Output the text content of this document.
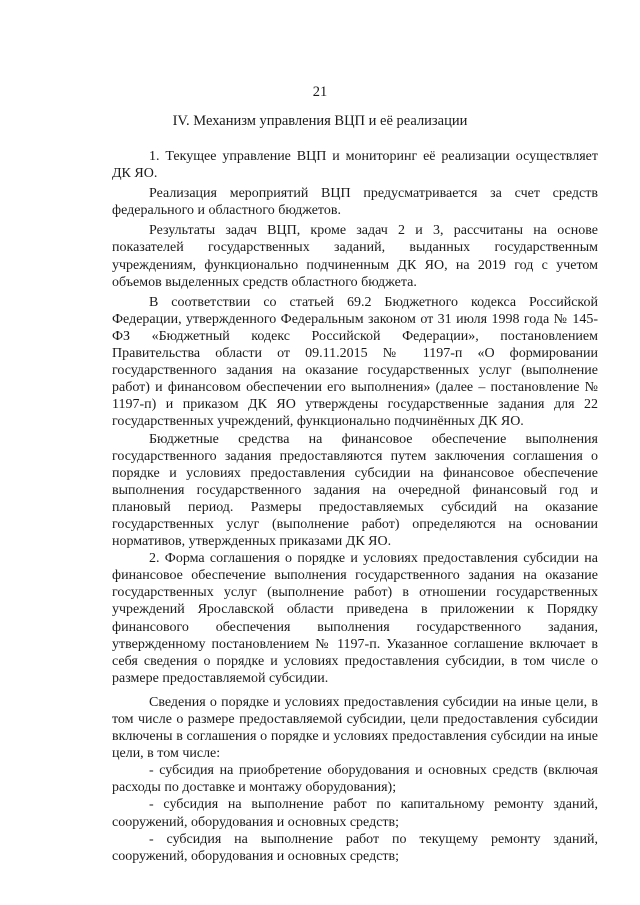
21
IV. Механизм управления ВЦП и её реализации

1. Текущее управление ВЦП и мониторинг её реализации осуществляет ДК ЯО.

Реализация мероприятий ВЦП предусматривается за счет средств федерального и областного бюджетов.

Результаты задач ВЦП, кроме задач 2 и 3, рассчитаны на основе показателей государственных заданий, выданных государственным учреждениям, функционально подчиненным ДК ЯО, на 2019 год с учетом объемов выделенных средств областного бюджета.

В соответствии со статьей 69.2 Бюджетного кодекса Российской Федерации, утвержденного Федеральным законом от 31 июля 1998 года № 145-ФЗ «Бюджетный кодекс Российской Федерации», постановлением Правительства области от 09.11.2015 № 1197-п «О формировании государственного задания на оказание государственных услуг (выполнение работ) и финансовом обеспечении его выполнения» (далее – постановление № 1197-п) и приказом ДК ЯО утверждены государственные задания для 22 государственных учреждений, функционально подчинённых ДК ЯО.

Бюджетные средства на финансовое обеспечение выполнения государственного задания предоставляются путем заключения соглашения о порядке и условиях предоставления субсидии на финансовое обеспечение выполнения государственного задания на очередной финансовый год и плановый период. Размеры предоставляемых субсидий на оказание государственных услуг (выполнение работ) определяются на основании нормативов, утвержденных приказами ДК ЯО.

2. Форма соглашения о порядке и условиях предоставления субсидии на финансовое обеспечение выполнения государственного задания на оказание государственных услуг (выполнение работ) в отношении государственных учреждений Ярославской области приведена в приложении к Порядку финансового обеспечения выполнения государственного задания, утвержденному постановлением № 1197-п. Указанное соглашение включает в себя сведения о порядке и условиях предоставления субсидии, в том числе о размере предоставляемой субсидии.

Сведения о порядке и условиях предоставления субсидии на иные цели, в том числе о размере предоставляемой субсидии, цели предоставления субсидии включены в соглашения о порядке и условиях предоставления субсидии на иные цели, в том числе:

- субсидия на приобретение оборудования и основных средств (включая расходы по доставке и монтажу оборудования);

- субсидия на выполнение работ по капитальному ремонту зданий, сооружений, оборудования и основных средств;

- субсидия на выполнение работ по текущему ремонту зданий, сооружений, оборудования и основных средств;
